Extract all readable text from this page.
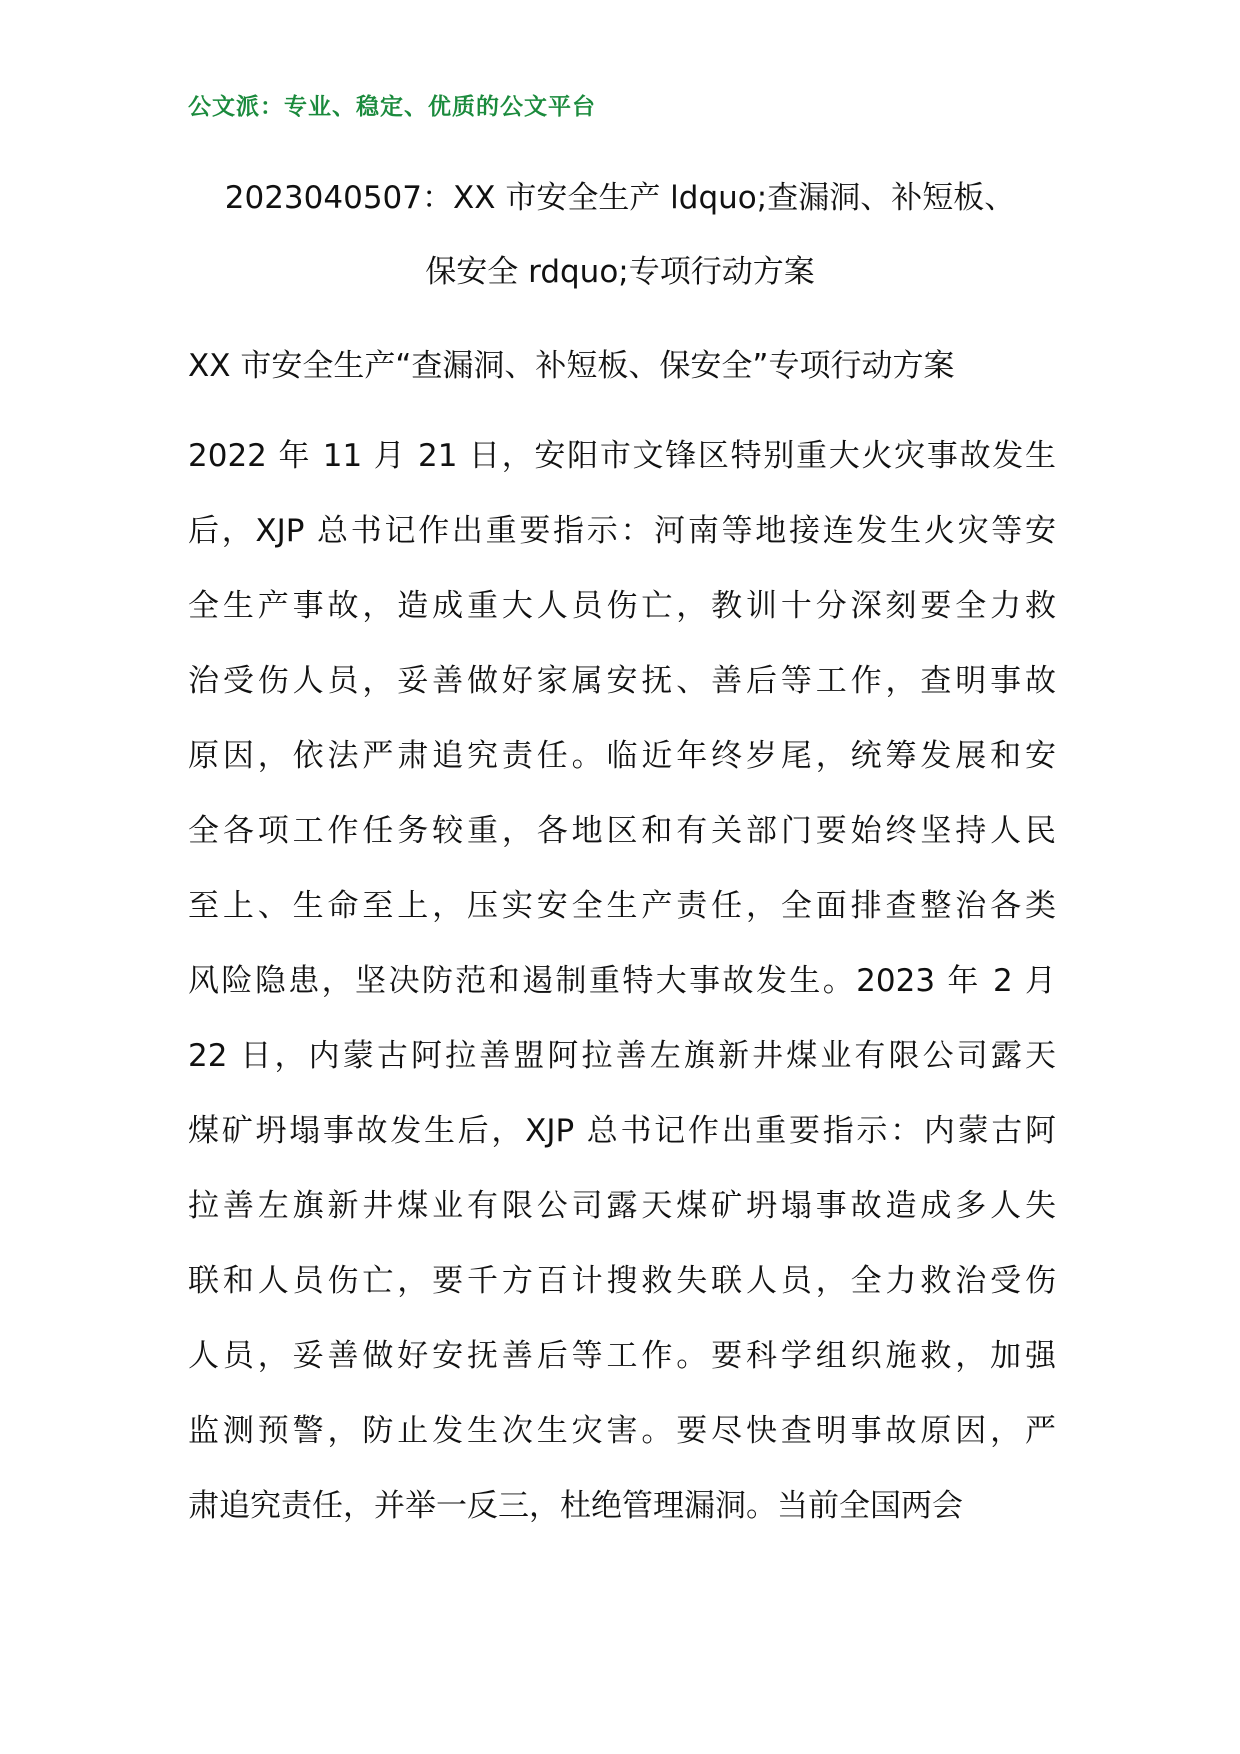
公文派：专业、稳定、优质的公文平台
2023040507：XX 市安全生产 ldquo;查漏洞、补短板、
保安全 rdquo;专项行动方案
XX 市安全生产“查漏洞、补短板、保安全”专项行动方案
2022 年 11 月 21 日，安阳市文锋区特别重大火灾事故发生
后，XJP 总书记作出重要指示：河南等地接连发生火灾等安
全生产事故，造成重大人员伤亡，教训十分深刻要全力救
治受伤人员，妥善做好家属安抚、善后等工作，查明事故
原因，依法严肃追究责任。临近年终岁尾，统筹发展和安
全各项工作任务较重，各地区和有关部门要始终坚持人民
至上、生命至上，压实安全生产责任，全面排查整治各类
风险隐患，坚决防范和遏制重特大事故发生。2023 年 2 月
22 日，内蒙古阿拉善盟阿拉善左旗新井煤业有限公司露天
煤矿坍塌事故发生后，XJP 总书记作出重要指示：内蒙古阿
拉善左旗新井煤业有限公司露天煤矿坍塌事故造成多人失
联和人员伤亡，要千方百计搜救失联人员，全力救治受伤
人员，妥善做好安抚善后等工作。要科学组织施救，加强
监测预警，防止发生次生灾害。要尽快查明事故原因，严
肃追究责任，并举一反三，杜绝管理漏洞。当前全国两会
